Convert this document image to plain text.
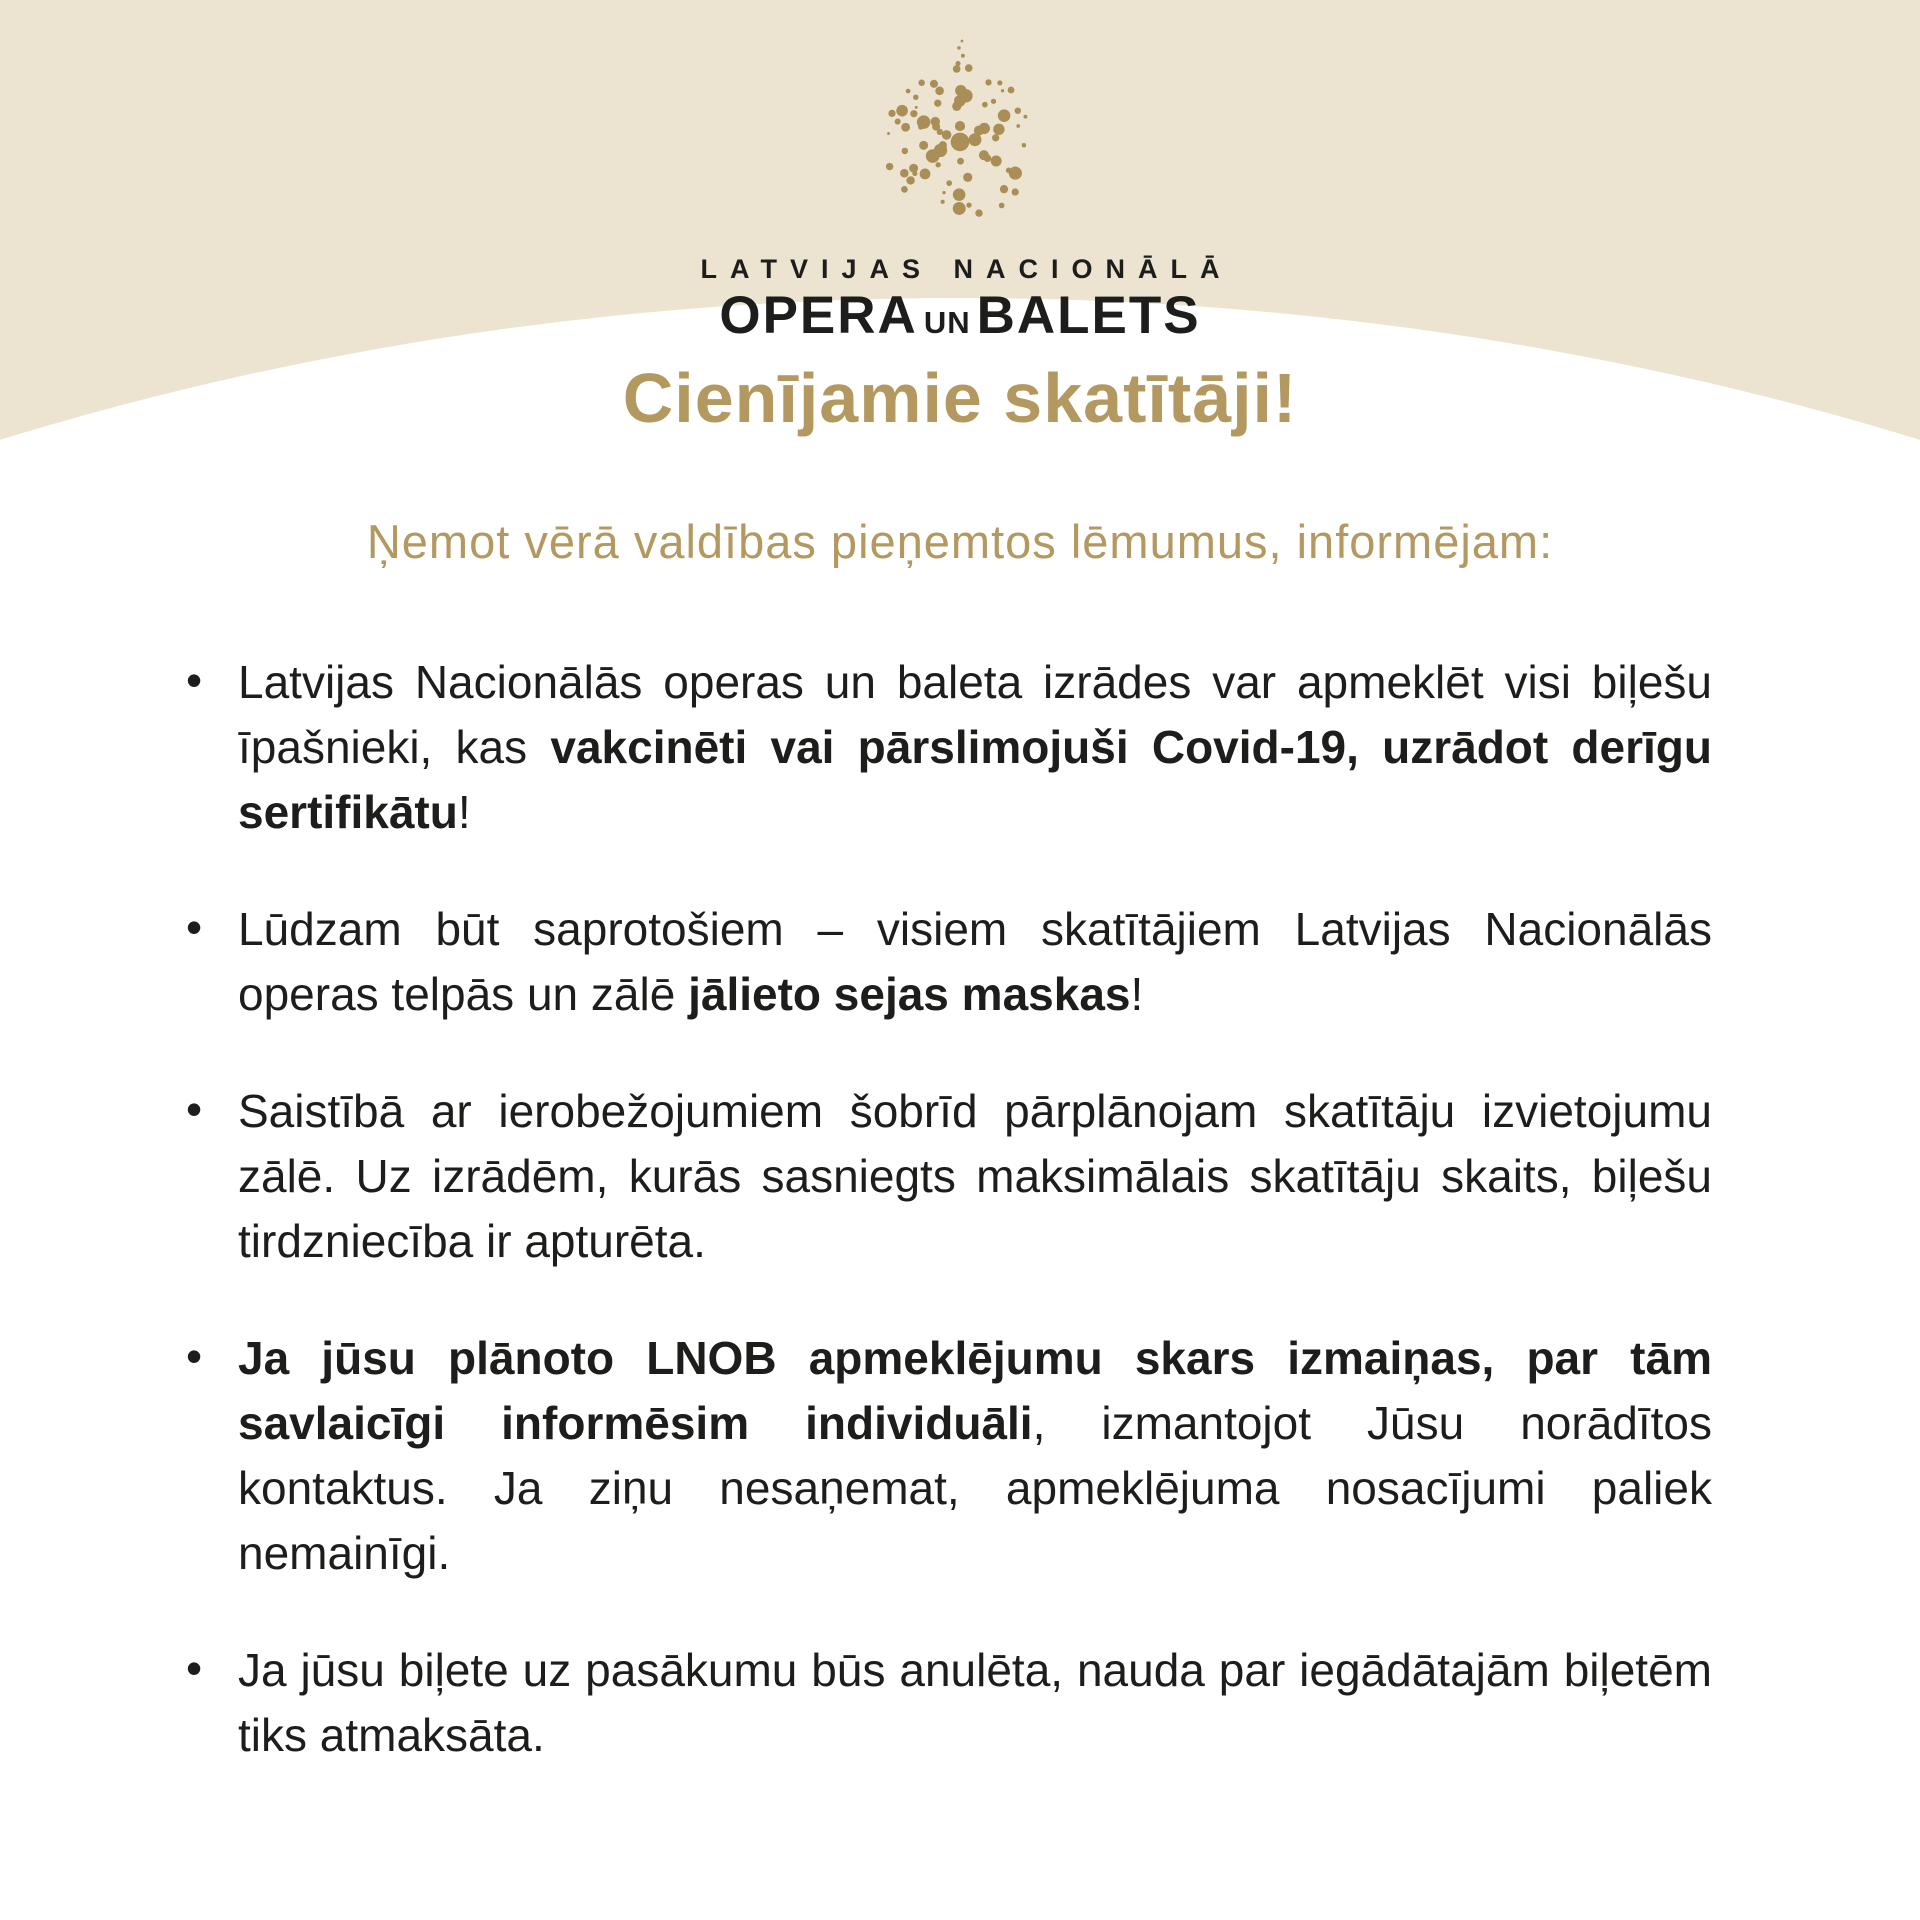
LATVIJAS NACIONĀLĀ
OPERA UN BALETS
Cienījamie skatītāji!
Ņemot vērā valdības pieņemtos lēmumus, informējam:
• Latvijas Nacionālās operas un baleta izrādes var apmeklēt visi biļešu īpašnieki, kas vakcinēti vai pārslimojuši Covid-19, uzrādot derīgu sertifikātu!
• Lūdzam būt saprotošiem – visiem skatītājiem Latvijas Nacionālās operas telpās un zālē jālieto sejas maskas!
• Saistībā ar ierobežojumiem šobrīd pārplānojam skatītāju izvietojumu zālē. Uz izrādēm, kurās sasniegts maksimālais skatītāju skaits, biļešu tirdzniecība ir apturēta.
• Ja jūsu plānoto LNOB apmeklējumu skars izmaiņas, par tām savlaicīgi informēsim individuāli, izmantojot Jūsu norādītos kontaktus. Ja ziņu nesaņemat, apmeklējuma nosacījumi paliek nemainīgi.
• Ja jūsu biļete uz pasākumu būs anulēta, nauda par iegādātajām biļetēm tiks atmaksāta.
